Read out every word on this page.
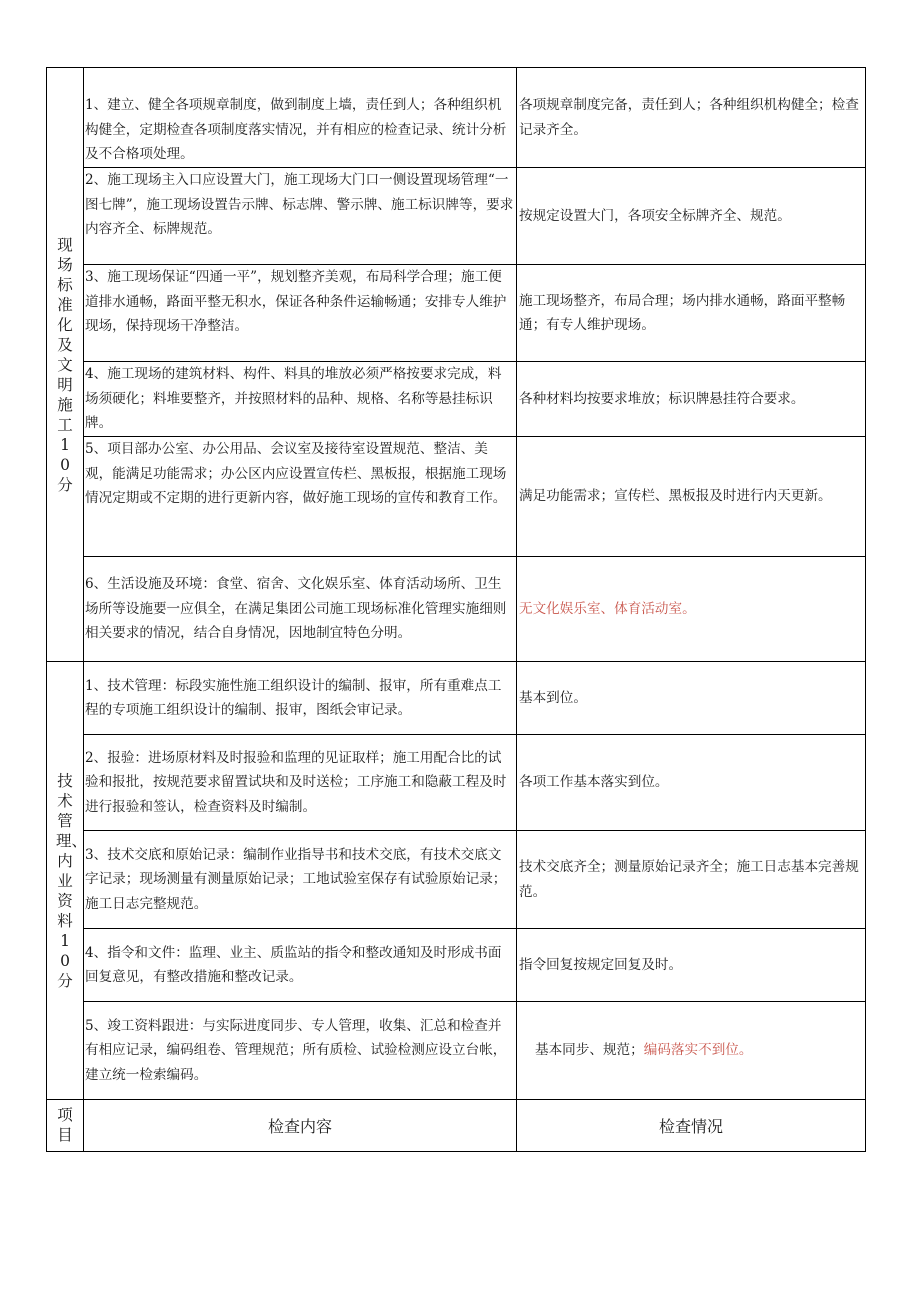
现场标准化及文明施工10分	1、建立、健全各项规章制度，做到制度上墙，责任到人；各种组织机构健全，定期检查各项制度落实情况，并有相应的检查记录、统计分析及不合格项处理。	各项规章制度完备，责任到人；各种组织机构健全；检查记录齐全。

	2、施工现场主入口应设置大门，施工现场大门口一侧设置现场管理“一图七牌”，施工现场设置告示牌、标志牌、警示牌、施工标识牌等，要求内容齐全、标牌规范。	按规定设置大门，各项安全标牌齐全、规范。

	3、施工现场保证“四通一平”，规划整齐美观，布局科学合理；施工便道排水通畅，路面平整无积水，保证各种条件运输畅通；安排专人维护现场，保持现场干净整洁。	施工现场整齐，布局合理；场内排水通畅，路面平整畅通；有专人维护现场。

	4、施工现场的建筑材料、构件、料具的堆放必须严格按要求完成，料场须硬化；料堆要整齐，并按照材料的品种、规格、名称等悬挂标识牌。	各种材料均按要求堆放；标识牌悬挂符合要求。

	5、项目部办公室、办公用品、会议室及接待室设置规范、整洁、美观，能满足功能需求；办公区内应设置宣传栏、黑板报，根据施工现场情况定期或不定期的进行更新内容，做好施工现场的宣传和教育工作。	满足功能需求；宣传栏、黑板报及时进行内天更新。

	6、生活设施及环境：食堂、宿舍、文化娱乐室、体育活动场所、卫生场所等设施要一应俱全，在满足集团公司施工现场标准化管理实施细则相关要求的情况，结合自身情况，因地制宜特色分明。	无文化娱乐室、体育活动室。

技术管理、内业资料10分	1、技术管理：标段实施性施工组织设计的编制、报审，所有重难点工程的专项施工组织设计的编制、报审，图纸会审记录。	基本到位。

	2、报验：进场原材料及时报验和监理的见证取样；施工用配合比的试验和报批，按规范要求留置试块和及时送检；工序施工和隐蔽工程及时进行报验和签认，检查资料及时编制。	各项工作基本落实到位。

	3、技术交底和原始记录：编制作业指导书和技术交底，有技术交底文字记录；现场测量有测量原始记录；工地试验室保存有试验原始记录；施工日志完整规范。	技术交底齐全；测量原始记录齐全；施工日志基本完善规范。

	4、指令和文件：监理、业主、质监站的指令和整改通知及时形成书面回复意见，有整改措施和整改记录。	指令回复按规定回复及时。

	5、竣工资料跟进：与实际进度同步、专人管理，收集、汇总和检查并有相应记录，编码组卷、管理规范；所有质检、试验检测应设立台帐，建立统一检索编码。	基本同步、规范；编码落实不到位。
项目	检查内容	检查情况
